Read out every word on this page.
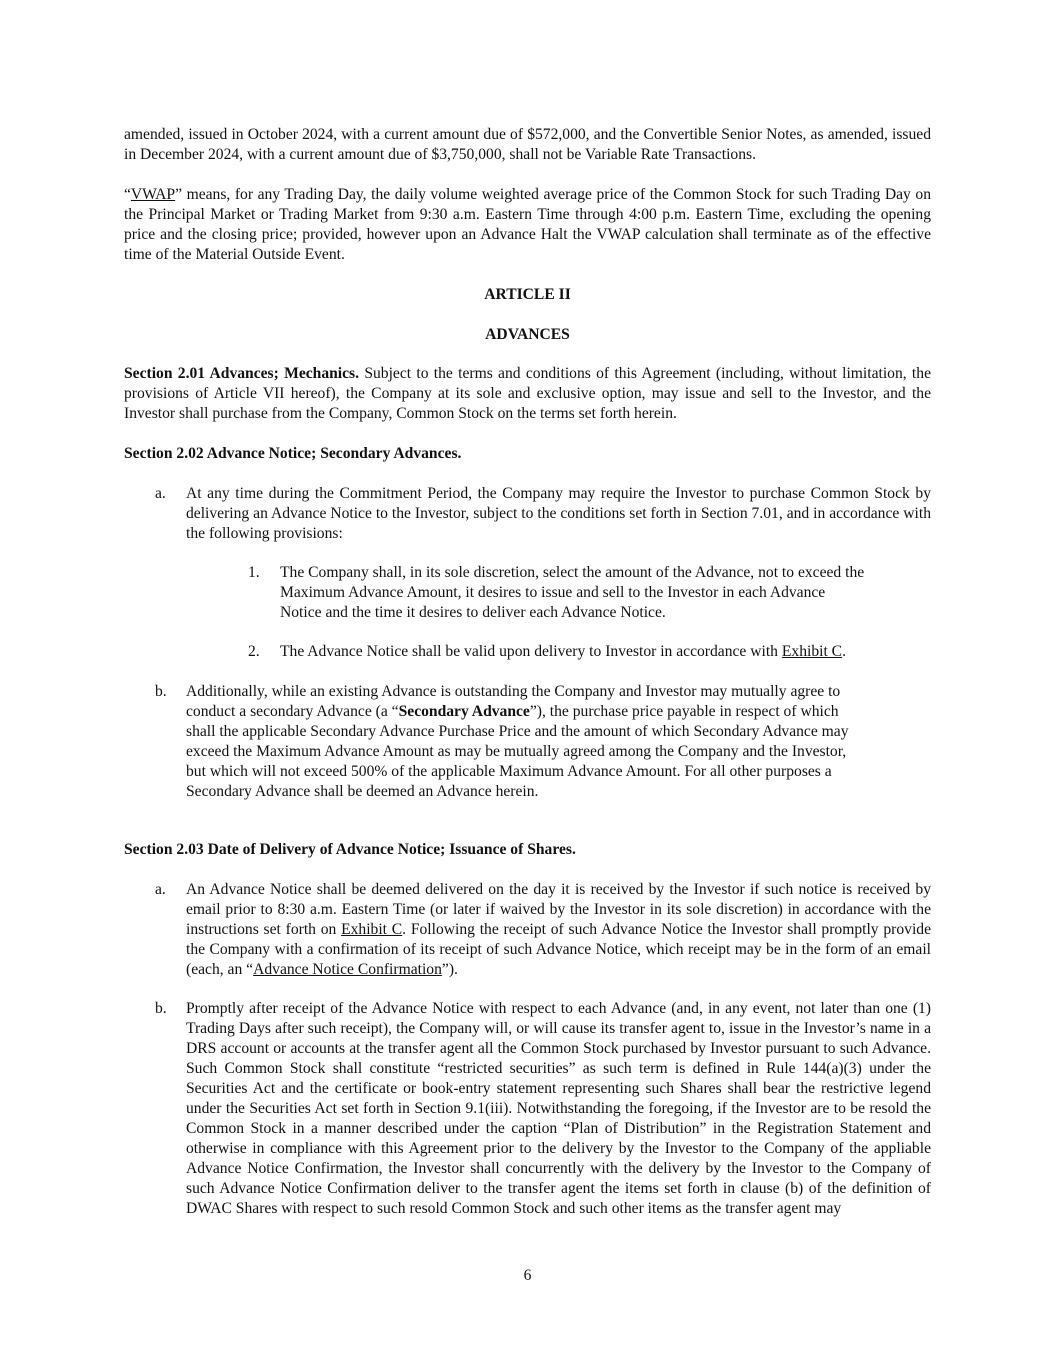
amended, issued in October 2024, with a current amount due of $572,000, and the Convertible Senior Notes, as amended, issued in December 2024, with a current amount due of $3,750,000, shall not be Variable Rate Transactions.

“VWAP” means, for any Trading Day, the daily volume weighted average price of the Common Stock for such Trading Day on the Principal Market or Trading Market from 9:30 a.m. Eastern Time through 4:00 p.m. Eastern Time, excluding the opening price and the closing price; provided, however upon an Advance Halt the VWAP calculation shall terminate as of the effective time of the Material Outside Event.

ARTICLE II

ADVANCES

Section 2.01 Advances; Mechanics. Subject to the terms and conditions of this Agreement (including, without limitation, the provisions of Article VII hereof), the Company at its sole and exclusive option, may issue and sell to the Investor, and the Investor shall purchase from the Company, Common Stock on the terms set forth herein.

Section 2.02 Advance Notice; Secondary Advances.

a. At any time during the Commitment Period, the Company may require the Investor to purchase Common Stock by delivering an Advance Notice to the Investor, subject to the conditions set forth in Section 7.01, and in accordance with the following provisions:

1. The Company shall, in its sole discretion, select the amount of the Advance, not to exceed the
Maximum Advance Amount, it desires to issue and sell to the Investor in each Advance
Notice and the time it desires to deliver each Advance Notice.
2. The Advance Notice shall be valid upon delivery to Investor in accordance with Exhibit C.

b. Additionally, while an existing Advance is outstanding the Company and Investor may mutually agree to
conduct a secondary Advance (a “Secondary Advance”), the purchase price payable in respect of which
shall the applicable Secondary Advance Purchase Price and the amount of which Secondary Advance may
exceed the Maximum Advance Amount as may be mutually agreed among the Company and the Investor,
but which will not exceed 500% of the applicable Maximum Advance Amount. For all other purposes a
Secondary Advance shall be deemed an Advance herein.

Section 2.03 Date of Delivery of Advance Notice; Issuance of Shares.

a. An Advance Notice shall be deemed delivered on the day it is received by the Investor if such notice is received by email prior to 8:30 a.m. Eastern Time (or later if waived by the Investor in its sole discretion) in accordance with the instructions set forth on Exhibit C. Following the receipt of such Advance Notice the Investor shall promptly provide the Company with a confirmation of its receipt of such Advance Notice, which receipt may be in the form of an email (each, an “Advance Notice Confirmation”).

b. Promptly after receipt of the Advance Notice with respect to each Advance (and, in any event, not later than one (1) Trading Days after such receipt), the Company will, or will cause its transfer agent to, issue in the Investor’s name in a DRS account or accounts at the transfer agent all the Common Stock purchased by Investor pursuant to such Advance. Such Common Stock shall constitute “restricted securities” as such term is defined in Rule 144(a)(3) under the Securities Act and the certificate or book-entry statement representing such Shares shall bear the restrictive legend under the Securities Act set forth in Section 9.1(iii). Notwithstanding the foregoing, if the Investor are to be resold the Common Stock in a manner described under the caption “Plan of Distribution” in the Registration Statement and otherwise in compliance with this Agreement prior to the delivery by the Investor to the Company of the appliable Advance Notice Confirmation, the Investor shall concurrently with the delivery by the Investor to the Company of such Advance Notice Confirmation deliver to the transfer agent the items set forth in clause (b) of the definition of DWAC Shares with respect to such resold Common Stock and such other items as the transfer agent may

6
